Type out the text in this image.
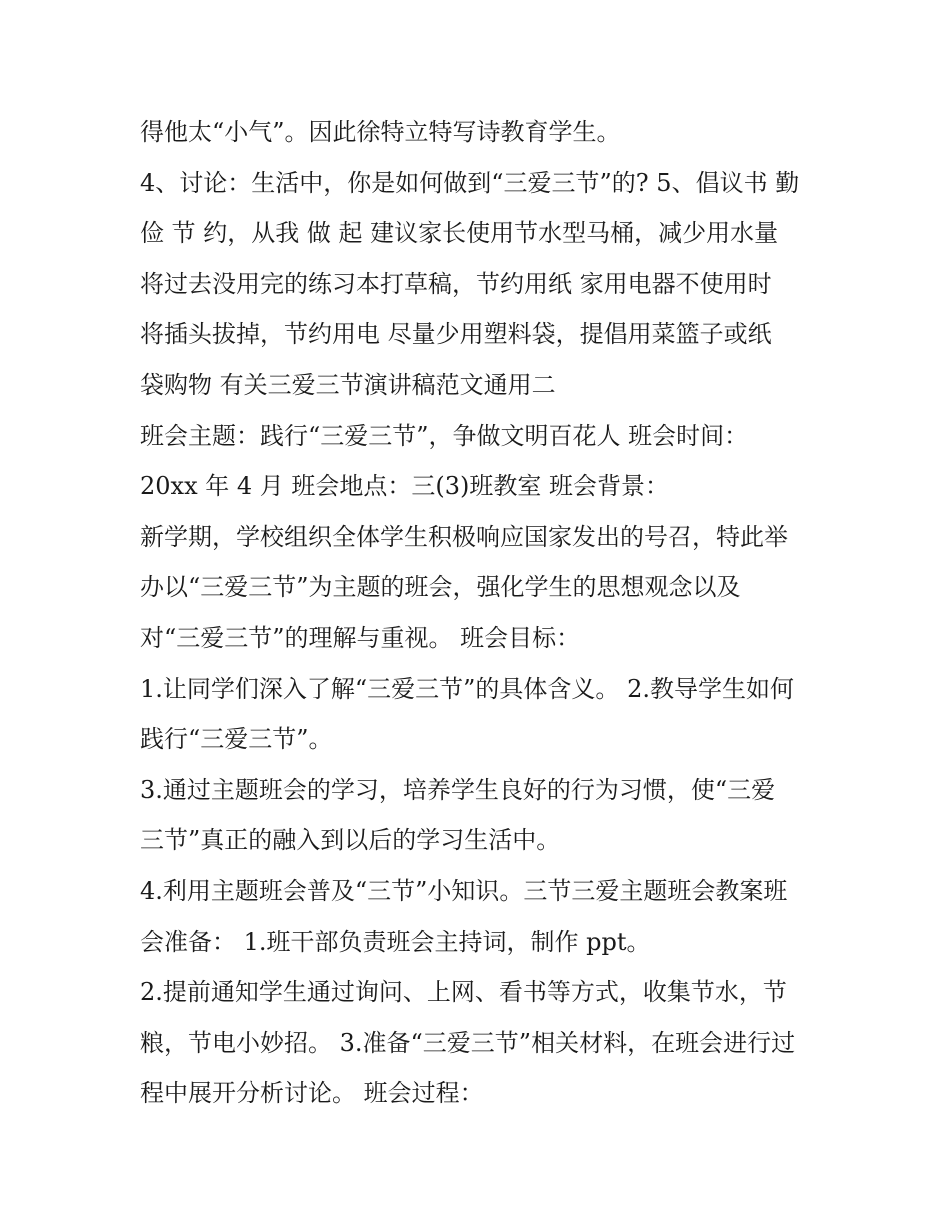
得他太“小气”。因此徐特立特写诗教育学生。
4、讨论：生活中，你是如何做到“三爱三节”的? 5、倡议书 勤
俭 节 约，从我 做 起 建议家长使用节水型马桶，减少用水量
将过去没用完的练习本打草稿，节约用纸 家用电器不使用时
将插头拔掉，节约用电 尽量少用塑料袋，提倡用菜篮子或纸
袋购物 有关三爱三节演讲稿范文通用二
班会主题：践行“三爱三节”，争做文明百花人 班会时间：
20xx 年 4 月 班会地点：三(3)班教室 班会背景：
新学期，学校组织全体学生积极响应国家发出的号召，特此举
办以“三爱三节”为主题的班会，强化学生的思想观念以及
对“三爱三节”的理解与重视。 班会目标：
1.让同学们深入了解“三爱三节”的具体含义。 2.教导学生如何
践行“三爱三节”。
3.通过主题班会的学习，培养学生良好的行为习惯，使“三爱
三节”真正的融入到以后的学习生活中。
4.利用主题班会普及“三节”小知识。三节三爱主题班会教案班
会准备： 1.班干部负责班会主持词，制作 ppt。
2.提前通知学生通过询问、上网、看书等方式，收集节水，节
粮，节电小妙招。 3.准备“三爱三节”相关材料，在班会进行过
程中展开分析讨论。 班会过程：
